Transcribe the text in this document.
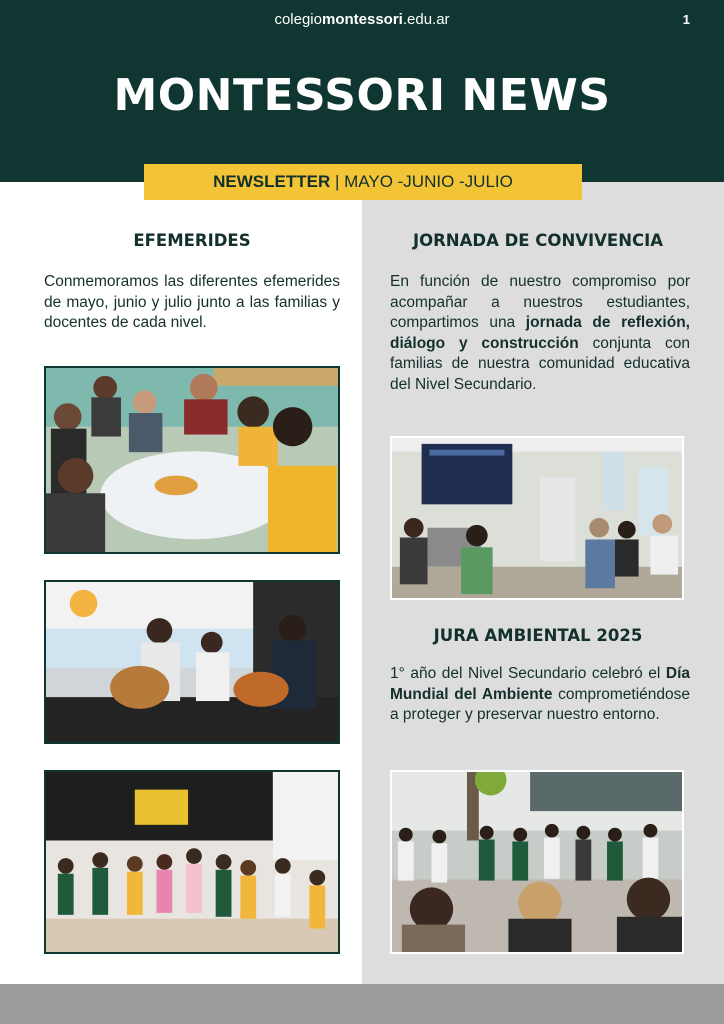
MONTESSORI NEWS
NEWSLETTER | MAYO -JUNIO -JULIO
EFEMERIDES
Conmemoramos las diferentes efemerides de mayo, junio y julio junto a las familias y docentes de cada nivel.
JORNADA DE CONVIVENCIA
En función de nuestro compromiso por acompañar a nuestros estudiantes, compartimos una jornada de reflexión, diálogo y construcción conjunta con familias de nuestra comunidad educativa del Nivel Secundario.
JURA AMBIENTAL 2025
1° año del Nivel Secundario celebró el Día Mundial del Ambiente comprometiéndose a proteger y preservar nuestro entorno.
colegiomontessori.edu.ar	1
